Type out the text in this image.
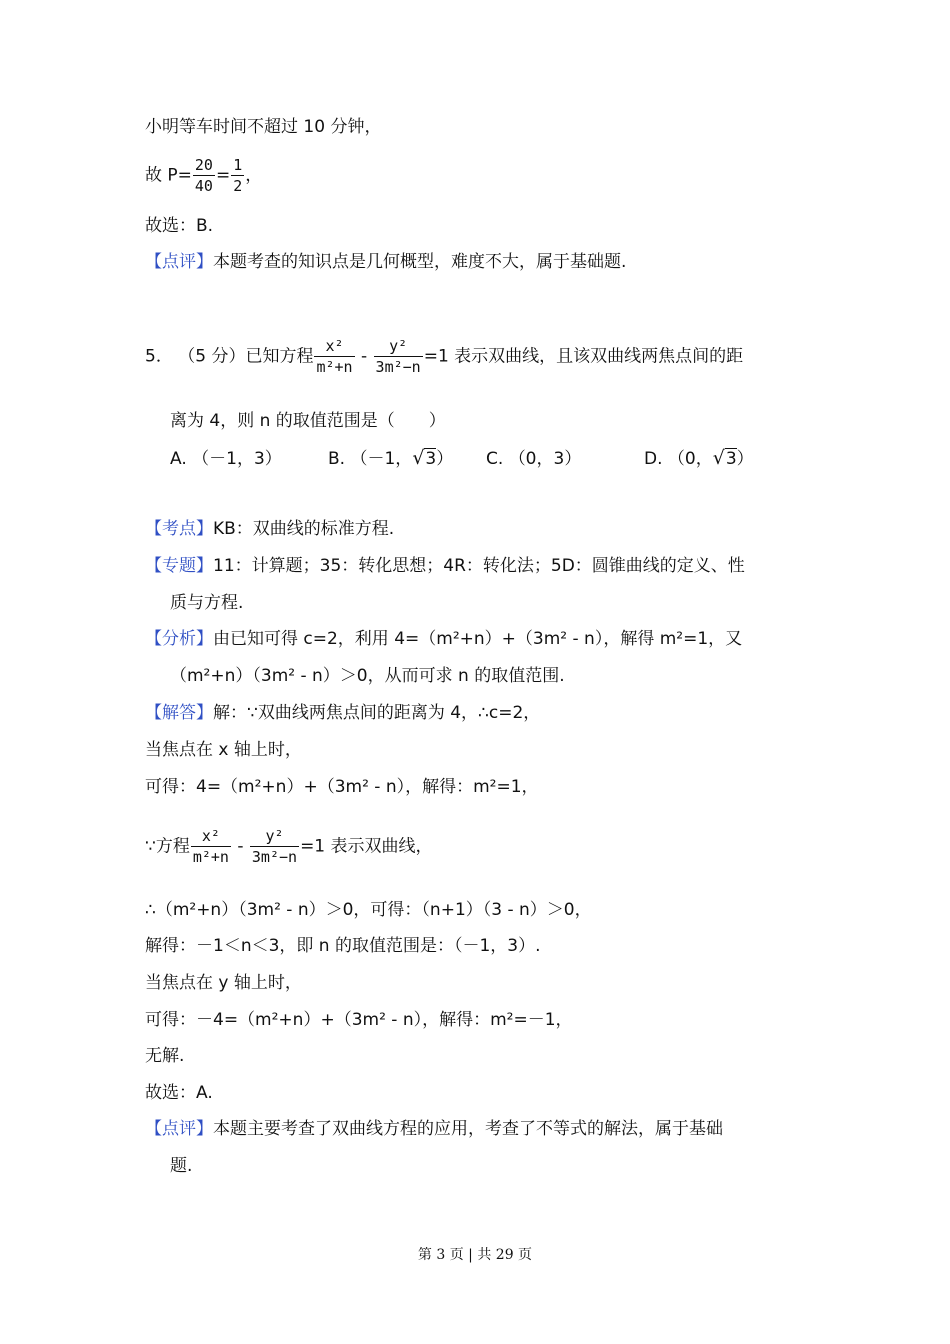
小明等车时间不超过 10 分钟，
故 $P= \frac{20}{40} = \frac{1}{2}$ ，
故选：B.
【点评】本题考查的知识点是几何概型，难度不大，属于基础题.
5． （5 分）已知方程 $\frac{\text{x²}}{\text{m²+n}} - \frac{\text{y²}}{\text{3m²−n}} =1$ 表示双曲线，且该双曲线两焦点间的距
离为 4，则 n 的取值范围是（　　）
A. （－1，3）	B. （－1，√3） C. （0，3）	D. （0，√3）
【考点】KB：双曲线的标准方程.
【专题】11：计算题；35：转化思想；4R：转化法；5D：圆锥曲线的定义、性
质与方程.
【分析】由已知可得 c=2，利用 4=（m²+n）+（3m² - n），解得 m²=1，又
（m²+n）（3m² - n）＞0，从而可求 n 的取值范围.
【解答】解：∵双曲线两焦点间的距离为 4，∴c=2，
当焦点在 x 轴上时，
可得：4=（m²+n）+（3m² - n），解得：m²=1，
∵方程 $\frac{\text{x²}}{\text{m²+n}} - \frac{\text{y²}}{\text{3m²−n}} =1$ 表示双曲线，
∴（m²+n）（3m² - n）＞0，可得：（n+1）（3 - n）＞0，
解得：－1＜n＜3，即 n 的取值范围是：（－1，3）.
当焦点在 y 轴上时，
可得：－4=（m²+n）+（3m² - n），解得：m²=－1，
无解.
故选：A.
【点评】本题主要考查了双曲线方程的应用，考查了不等式的解法，属于基础
题.
第 3 页 | 共 29 页
